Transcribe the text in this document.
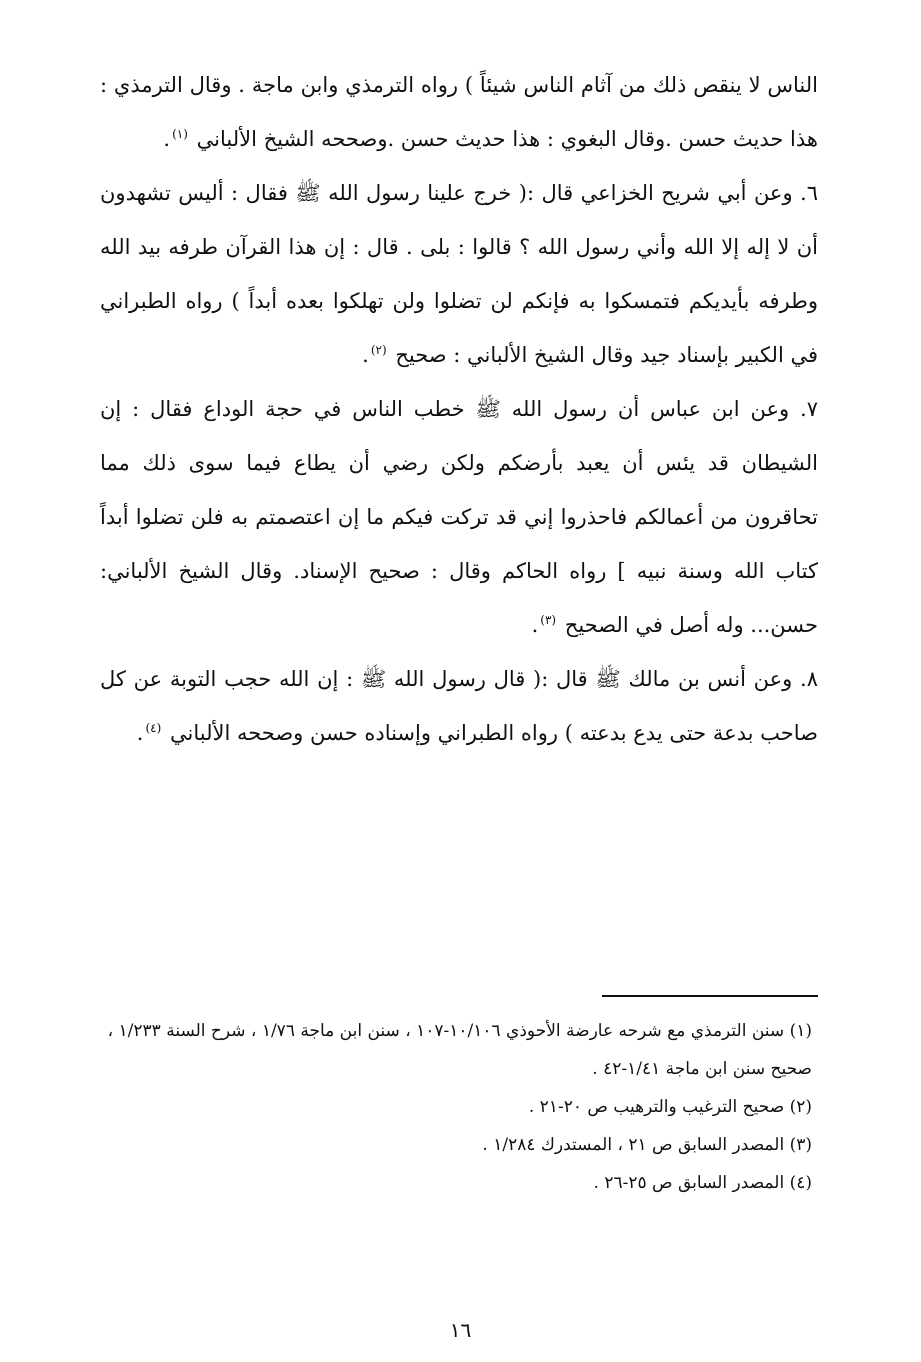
الناس لا ينقص ذلك من آثام الناس شيئاً ) رواه الترمذي وابن ماجة . وقال الترمذي : هذا حديث حسن .وقال البغوي : هذا حديث حسن .وصححه الشيخ الألباني $^{(١)}$.

٦. وعن أبي شريح الخزاعي قال :( خرج علينا رسول الله ﷺ فقال : أليس تشهدون أن لا إله إلا الله وأني رسول الله ؟ قالوا : بلى . قال : إن هذا القرآن طرفه بيد الله وطرفه بأيديكم فتمسكوا به فإنكم لن تضلوا ولن تهلكوا بعده أبداً ) رواه الطبراني في الكبير بإسناد جيد وقال الشيخ الألباني : صحيح $^{(٢)}$.

٧. وعن ابن عباس أن رسول الله ﷺ خطب الناس في حجة الوداع فقال : إن الشيطان قد يئس أن يعبد بأرضكم ولكن رضي أن يطاع فيما سوى ذلك مما تحاقرون من أعمالكم فاحذروا إني قد تركت فيكم ما إن اعتصمتم به فلن تضلوا أبداً كتاب الله وسنة نبيه ] رواه الحاكم وقال : صحيح الإسناد. وقال الشيخ الألباني: حسن... وله أصل في الصحيح $^{(٣)}$.

٨. وعن أنس بن مالك ﷺ قال :( قال رسول الله ﷺ : إن الله حجب التوبة عن كل صاحب بدعة حتى يدع بدعته ) رواه الطبراني وإسناده حسن وصححه الألباني $^{(٤)}$.

(١) سنن الترمذي مع شرحه عارضة الأحوذي ١٠/١٠٦-١٠٧ ، سنن ابن ماجة ١/٧٦ ، شرح السنة ١/٢٣٣ ، صحيح سنن ابن ماجة ١/٤١-٤٢ .

(٢) صحيح الترغيب والترهيب ص ٢٠-٢١ .

(٣) المصدر السابق ص ٢١ ، المستدرك ١/٢٨٤ .

(٤) المصدر السابق ص ٢٥-٢٦ .

١٦
